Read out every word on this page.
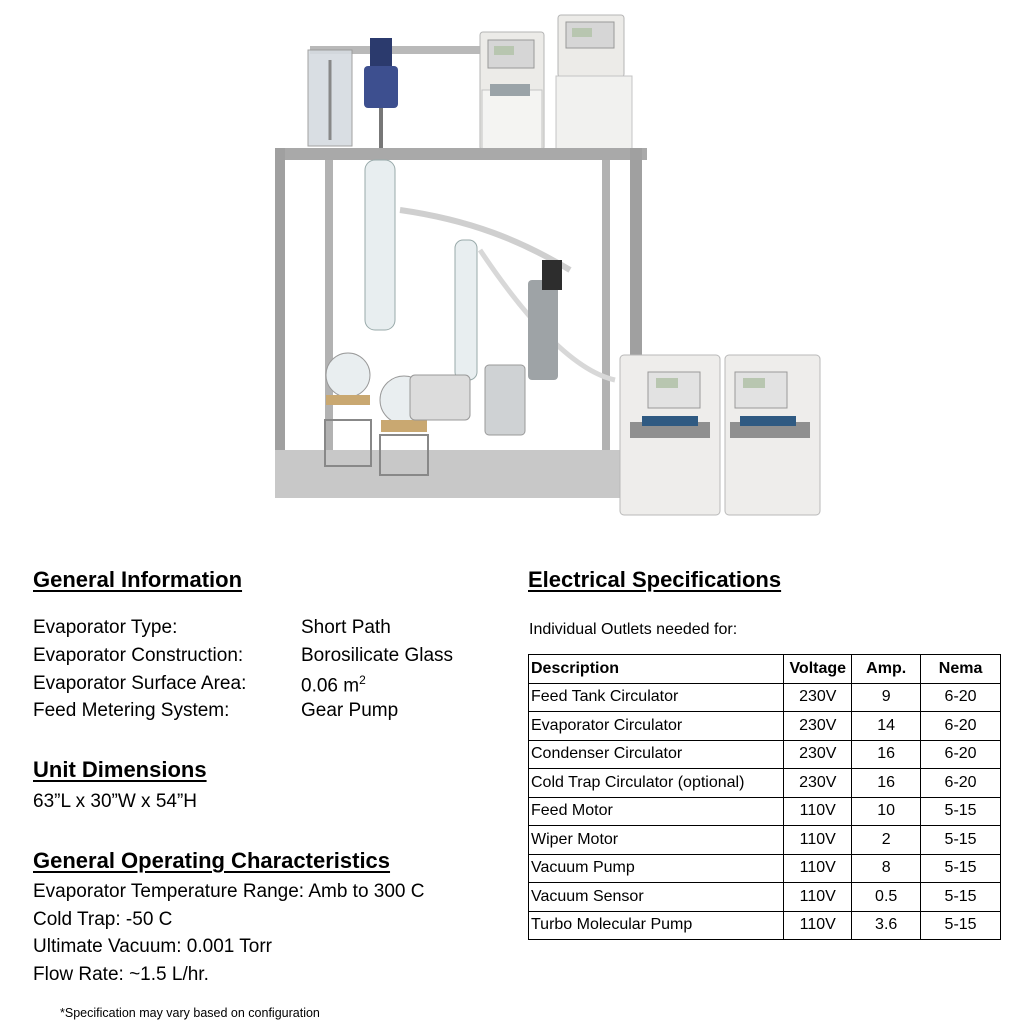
General Information
Evaporator Type:	Short Path
Evaporator Construction:	Borosilicate Glass
Evaporator Surface Area:	0.06 $m^2$
Feed Metering System:	Gear Pump
Unit Dimensions
63”L x 30”W x 54”H
General Operating Characteristics
Evaporator Temperature Range: Amb to 300 C
Cold Trap: -50 C
Ultimate Vacuum: 0.001 Torr
Flow Rate: ~1.5 L/hr.
*Specification may vary based on configuration
Electrical Specifications
Individual Outlets needed for:
Description	Voltage	Amp.	Nema
Feed Tank Circulator	230V	9	6-20
Evaporator Circulator	230V	14	6-20
Condenser Circulator	230V	16	6-20
Cold Trap Circulator (optional)	230V	16	6-20
Feed Motor	110V	10	5-15
Wiper Motor	110V	2	5-15
Vacuum Pump	110V	8	5-15
Vacuum Sensor	110V	0.5	5-15
Turbo Molecular Pump	110V	3.6	5-15
